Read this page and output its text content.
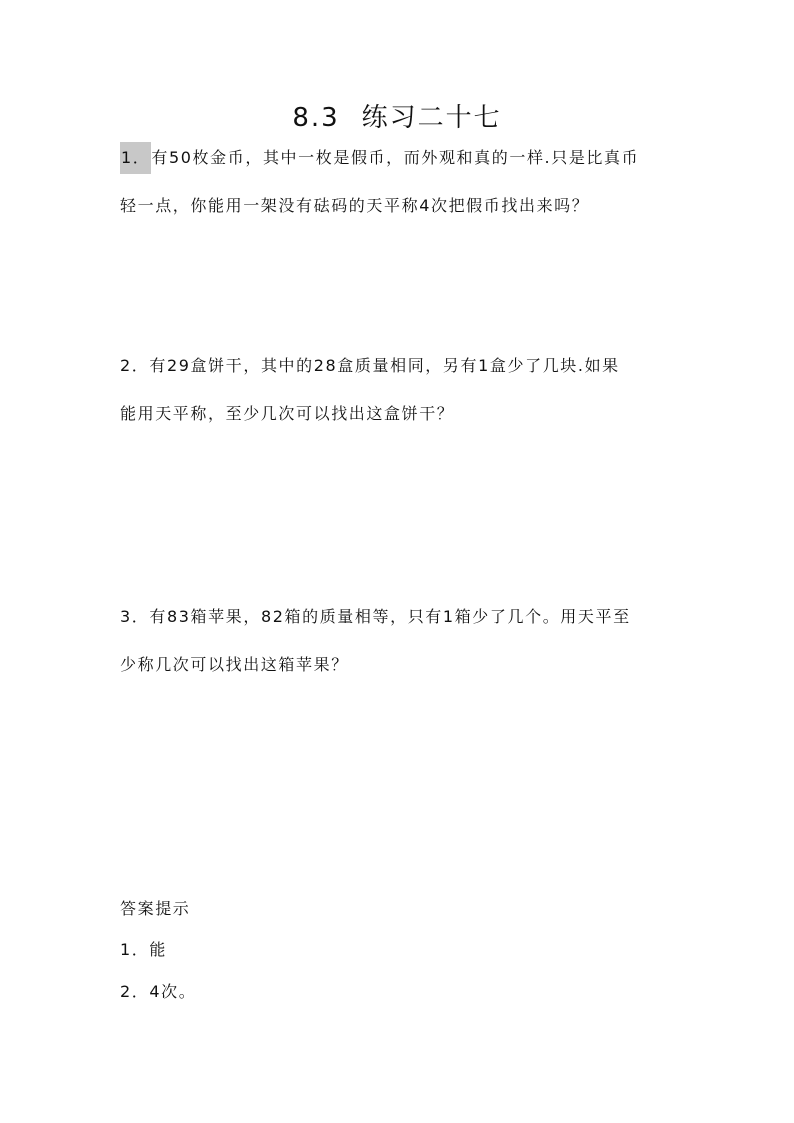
8.3 练习二十七
1．有50枚金币，其中一枚是假币，而外观和真的一样.只是比真币
轻一点，你能用一架没有砝码的天平称4次把假币找出来吗？
2．有29盒饼干，其中的28盒质量相同，另有1盒少了几块.如果
能用天平称，至少几次可以找出这盒饼干？
3．有83箱苹果，82箱的质量相等，只有1箱少了几个。用天平至
少称几次可以找出这箱苹果？
答案提示
1．能
2．4次。
